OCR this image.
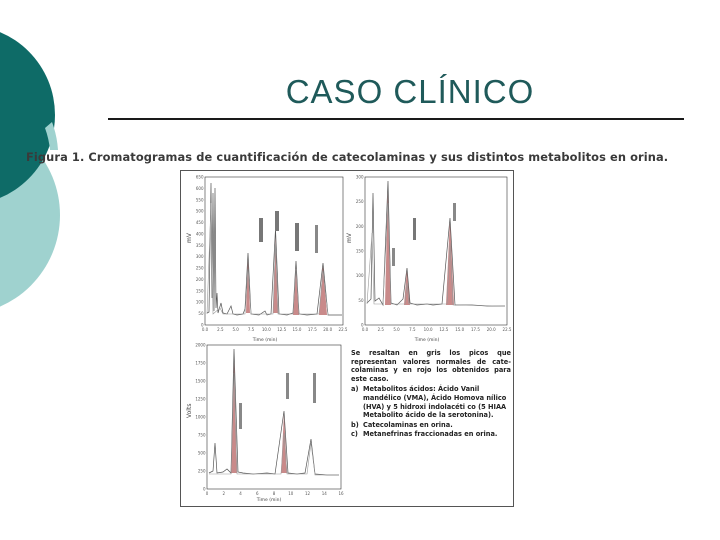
CASO CLÍNICO
Figura 1. Cromatogramas de cuantificación de catecolaminas y sus distintos metabolitos en orina.
650
600
550
500
450
400
350
300
250
200
150
100
50
0
0.0 2.5 5.0 7.5 10.0 12.5 15.0 17.5 20.0 22.5
mV
Time (min)
300
250
200
150
100
50
0
0.0 2.5 5.0 7.5 10.0 12.5 15.0 17.5 20.0 22.5
mV
Time (min)
2000
1750
1500
1250
1000
750
500
250
0
0	2	4	6	8	10	12	14	16
Volts
Time (min)

Se resaltan en gris los picos que representan valores normales de cate-colaminas y en rojo los obtenidos para este caso.

a) Metabolitos ácidos: Ácido Vanil mandélico (VMA), Ácido Homova nílico (HVA) y 5 hidroxi indolacéti co (5 HIAA Metabolito ácido de la serotonina).
b) Catecolaminas en orina.
c) Metanefrinas fraccionadas en orina.
